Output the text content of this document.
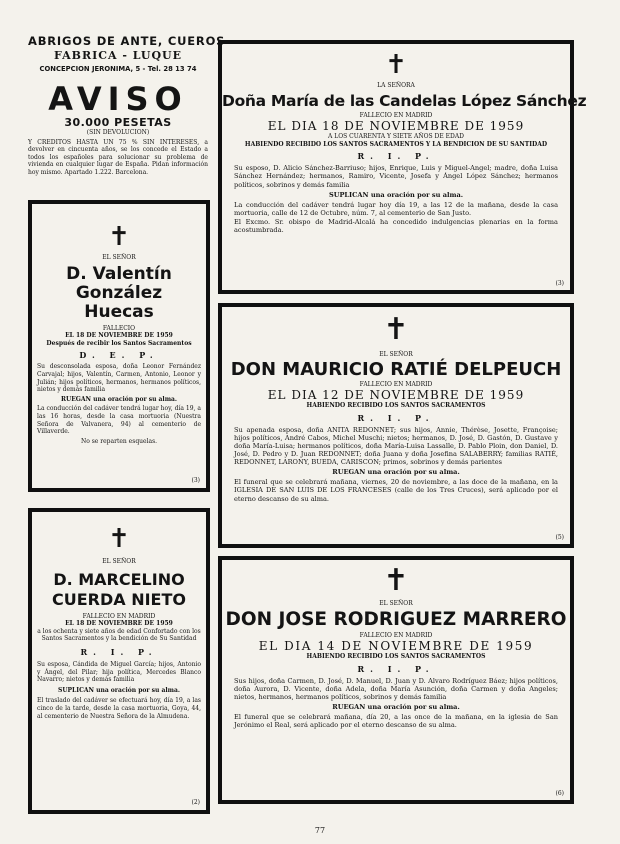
ABRIGOS DE ANTE, CUEROS
FABRICA - LUQUE
CONCEPCION JERONIMA, 5 - Tel. 28 13 74
AVISO
30.000 PESETAS
(SIN DEVOLUCION)
Y CREDITOS HASTA UN 75 % SIN INTERESES, a devolver en cincuenta años, se los concede el Estado a todos los españoles para solucionar su problema de vivienda en cualquier lugar de España. Pidan información hoy mismo. Apartado 1.222. Barcelona.
✝
EL SEÑOR
D. Valentín González Huecas
FALLECIO
EL 18 DE NOVIEMBRE DE 1959
Después de recibir los Santos Sacramentos
D. E. P.
Su desconsolada esposa, doña Leonor Fernández Carvajal; hijos, Valentín, Carmen, Antonio, Leonor y Julián; hijos políticos, hermanos, hermanos políticos, nietos y demás familia
RUEGAN una oración por su alma.
La conducción del cadáver tendrá lugar hoy, día 19, a las 16 horas, desde la casa mortuoria (Nuestra Señora de Valvanera, 94) al cementerio de Villaverde.
No se reparten esquelas.
(3)
✝
EL SEÑOR
D. MARCELINO CUERDA NIETO
FALLECIO EN MADRID
EL 18 DE NOVIEMBRE DE 1959
a los ochenta y siete años de edad Confortado con los Santos Sacramentos y la bendición de Su Santidad
R. I. P.
Su esposa, Cándida de Miguel García; hijos, Antonio y Ángel, del Pilar; hija política, Mercedes Blanco Navarro; nietos y demás familia
SUPLICAN una oración por su alma.
El traslado del cadáver se efectuará hoy, día 19, a las cinco de la tarde, desde la casa mortuoria, Goya, 44, al cementerio de Nuestra Señora de la Almudena.
(2)
✝
LA SEÑORA
Doña María de las Candelas López Sánchez
FALLECIO EN MADRID
EL DIA 18 DE NOVIEMBRE DE 1959
A LOS CUARENTA Y SIETE AÑOS DE EDAD
HABIENDO RECIBIDO LOS SANTOS SACRAMENTOS Y LA BENDICION DE SU SANTIDAD
R. I. P.
Su esposo, D. Alicio Sánchez-Barriuso; hijos, Enrique, Luis y Miguel-Angel; madre, doña Luisa Sánchez Hernández; hermanos, Ramiro, Vicente, Josefa y Ángel López Sánchez; hermanos políticos, sobrinos y demás familia
SUPLICAN una oración por su alma.
La conducción del cadáver tendrá lugar hoy día 19, a las 12 de la mañana, desde la casa mortuoria, calle de 12 de Octubre, núm. 7, al cementerio de San Justo.
El Excmo. Sr. obispo de Madrid-Alcalá ha concedido indulgencias plenarias en la forma acostumbrada.
(3)
✝
EL SEÑOR
DON MAURICIO RATIÉ DELPEUCH
FALLECIO EN MADRID
EL DIA 12 DE NOVIEMBRE DE 1959
HABIENDO RECIBIDO LOS SANTOS SACRAMENTOS
R. I. P.
Su apenada esposa, doña ANITA REDONNET; sus hijos, Annie, Thérèse, Josette, Françoise; hijos políticos, André Cabos, Michel Muschi; nietos; hermanos, D. José, D. Gastón, D. Gustave y doña María-Luisa; hermanos políticos, doña María-Luisa Lassalle, D. Pablo Ploin, don Daniel, D. José, D. Pedro y D. Juan REDONNET; doña Juana y doña Josefina SALABERRY; familias RATIÉ, REDONNET, LARONY, BUEDA, CARISCON; primos, sobrinos y demás parientes
RUEGAN una oración por su alma.
El funeral que se celebrará mañana, viernes, 20 de noviembre, a las doce de la mañana, en la IGLESIA DE SAN LUIS DE LOS FRANCESES (calle de los Tres Cruces), será aplicado por el eterno descanso de su alma.
(5)
✝
EL SEÑOR
DON JOSE RODRIGUEZ MARRERO
FALLECIO EN MADRID
EL DIA 14 DE NOVIEMBRE DE 1959
HABIENDO RECIBIDO LOS SANTOS SACRAMENTOS
R. I. P.
Sus hijos, doña Carmen, D. José, D. Manuel, D. Juan y D. Alvaro Rodríguez Báez; hijos políticos, doña Aurora, D. Vicente, doña Adela, doña María Asunción, doña Carmen y doña Angeles; nietos, hermanos, hermanos políticos, sobrinos y demás familia
RUEGAN una oración por su alma.
El funeral que se celebrará mañana, día 20, a las once de la mañana, en la iglesia de San Jerónimo el Real, será aplicado por el eterno descanso de su alma.
(6)
77
